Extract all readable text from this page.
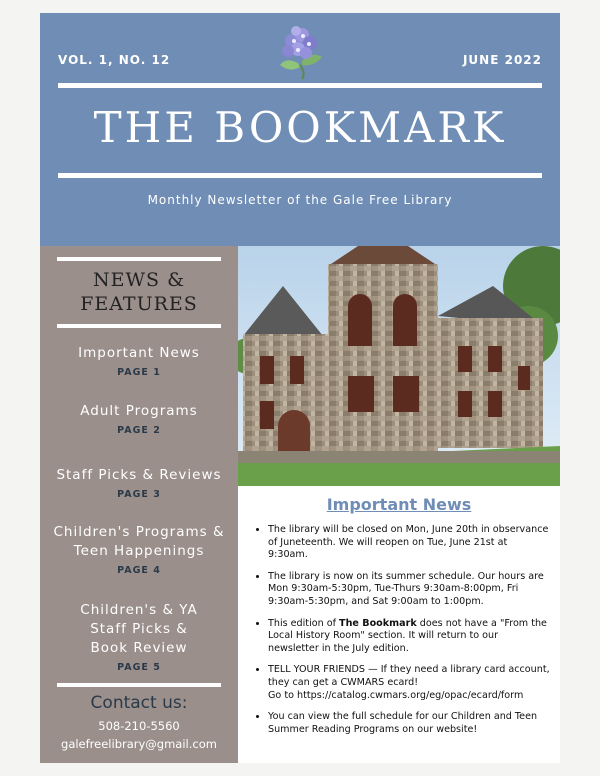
VOL. 1, NO. 12	JUNE 2022
THE BOOKMARK
Monthly Newsletter of the Gale Free Library
NEWS &
FEATURES
Important News
PAGE 1
Adult Programs
PAGE 2
Staff Picks & Reviews
PAGE 3
Children's Programs &
Teen Happenings
PAGE 4
Children's & YA
Staff Picks &
Book Review
PAGE 5
Contact us:
508-210-5560
galefreelibrary@gmail.com
Important News
• The library will be closed on Mon, June 20th in observance of Juneteenth. We will reopen on Tue, June 21st at 9:30am.
• The library is now on its summer schedule. Our hours are Mon 9:30am-5:30pm, Tue-Thurs 9:30am-8:00pm, Fri 9:30am-5:30pm, and Sat 9:00am to 1:00pm.
• This edition of The Bookmark does not have a "From the Local History Room" section. It will return to our newsletter in the July edition.
• TELL YOUR FRIENDS — If they need a library card account, they can get a CWMARS ecard!
Go to https://catalog.cwmars.org/eg/opac/ecard/form
• You can view the full schedule for our Children and Teen Summer Reading Programs on our website!
